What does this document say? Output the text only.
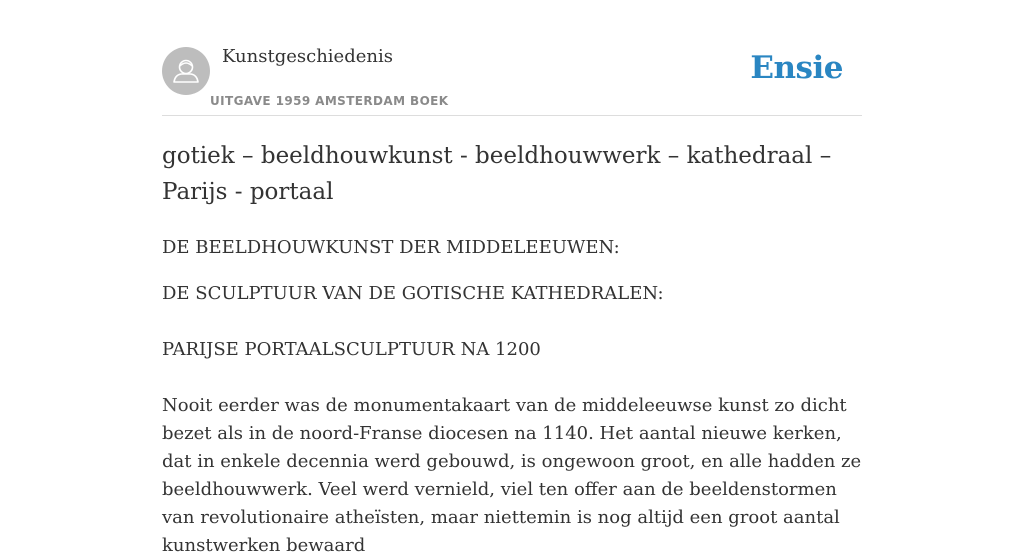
Kunstgeschiedenis
UITGAVE 1959 AMSTERDAM BOEK
Ensie
gotiek – beeldhouwkunst - beeldhouwwerk – kathedraal – Parijs - portaal

DE BEELDHOUWKUNST DER MIDDELEEUWEN:

DE SCULPTUUR VAN DE GOTISCHE KATHEDRALEN:

PARIJSE PORTAALSCULPTUUR NA 1200

Nooit eerder was de monumentakaart van de middeleeuwse kunst zo dicht bezet als in de noord-Franse diocesen na 1140. Het aantal nieuwe kerken, dat in enkele decennia werd gebouwd, is ongewoon groot, en alle hadden ze beeldhouwwerk. Veel werd vernield, viel ten offer aan de beeldenstormen van revolutionaire atheïsten, maar niettemin is nog altijd een groot aantal kunstwerken bewaard
